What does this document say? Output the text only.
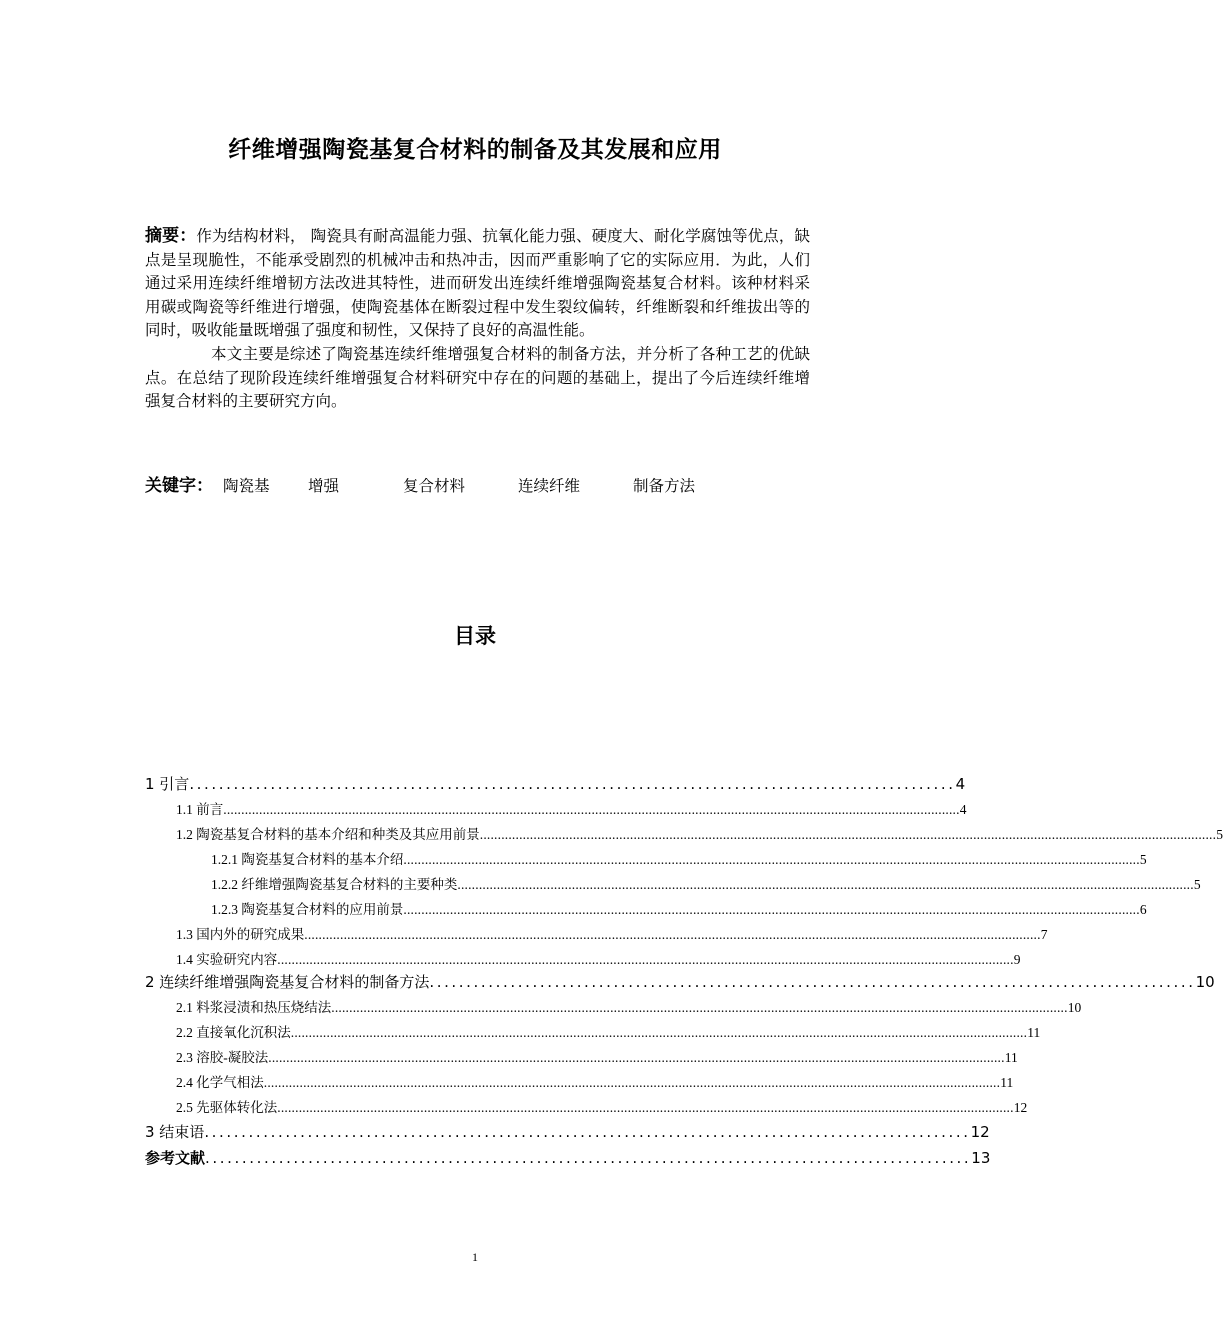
纤维增强陶瓷基复合材料的制备及其发展和应用

摘要：作为结构材料， 陶瓷具有耐高温能力强、抗氧化能力强、硬度大、耐化学腐蚀等优点，缺点是呈现脆性，不能承受剧烈的机械冲击和热冲击，因而严重影响了它的实际应用．为此，人们通过采用连续纤维增韧方法改进其特性，进而研发出连续纤维增强陶瓷基复合材料。该种材料采用碳或陶瓷等纤维进行增强，使陶瓷基体在断裂过程中发生裂纹偏转，纤维断裂和纤维拔出等的同时，吸收能量既增强了强度和韧性，又保持了良好的高温性能。

本文主要是综述了陶瓷基连续纤维增强复合材料的制备方法，并分析了各种工艺的优缺点。在总结了现阶段连续纤维增强复合材料研究中存在的问题的基础上，提出了今后连续纤维增强复合材料的主要研究方向。

关键字： 陶瓷基 增强	复合材料	连续纤维	制备方法
目录
1 引言 ........................................................................................................ 4
1.1 前言 .............................................................................................................................................................................................................. 4
1.2 陶瓷基复合材料的基本介绍和种类及其应用前景 .............................................................................................................................................................................................................. 5
1.2.1 陶瓷基复合材料的基本介绍 .............................................................................................................................................................................................................. 5
1.2.2 纤维增强陶瓷基复合材料的主要种类 .............................................................................................................................................................................................................. 5
1.2.3 陶瓷基复合材料的应用前景 .............................................................................................................................................................................................................. 6
1.3 国内外的研究成果 .............................................................................................................................................................................................................. 7
1.4 实验研究内容 .............................................................................................................................................................................................................. 9
2 连续纤维增强陶瓷基复合材料的制备方法 ........................................................................................................ 10
2.1 料浆浸渍和热压烧结法 .............................................................................................................................................................................................................. 10
2.2 直接氧化沉积法 .............................................................................................................................................................................................................. 11
2.3 溶胶-凝胶法 .............................................................................................................................................................................................................. 11
2.4 化学气相法 .............................................................................................................................................................................................................. 11
2.5 先驱体转化法 .............................................................................................................................................................................................................. 12
3 结束语 ........................................................................................................ 12
参考文献 ........................................................................................................ 13
1
